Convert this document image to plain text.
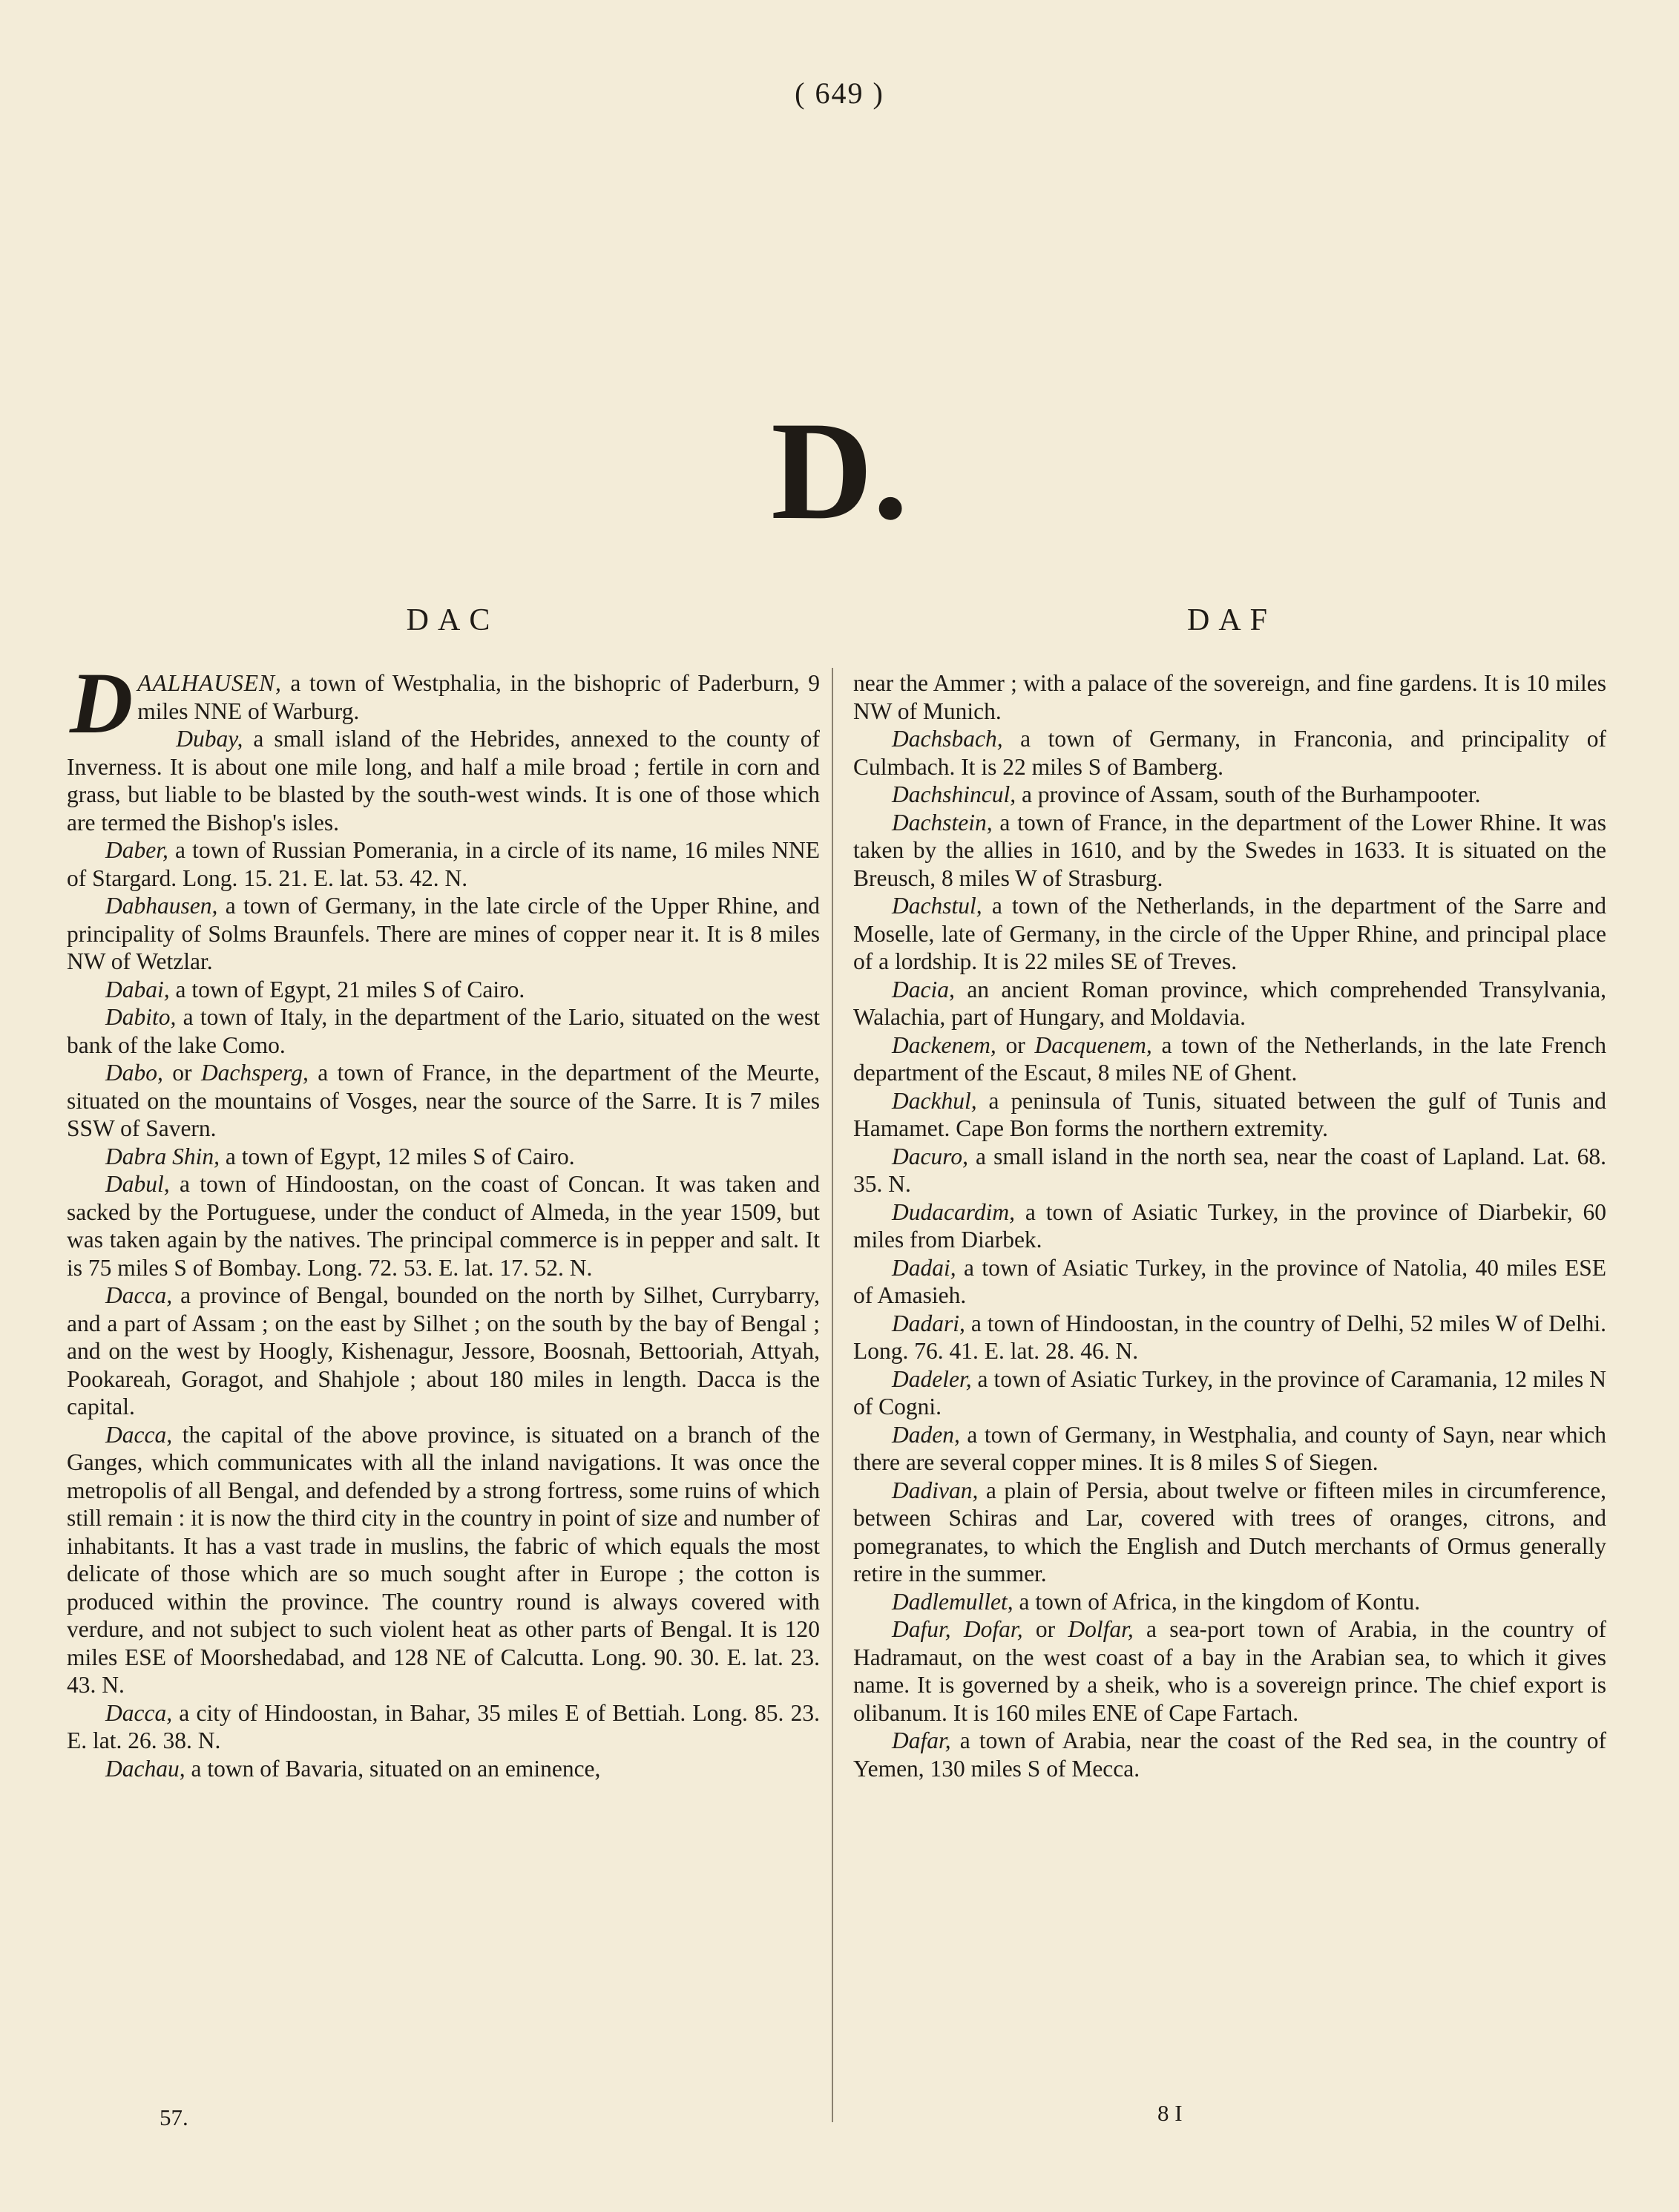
( 649 )
D.
DAC	DAF

DAALHAUSEN, a town of Westphalia, in the bishopric of Paderburn, 9 miles NNE of Warburg.

Dubay, a small island of the Hebrides, annexed to the county of Inverness. It is about one mile long, and half a mile broad ; fertile in corn and grass, but liable to be blasted by the south-west winds. It is one of those which are termed the Bishop's isles.

Daber, a town of Russian Pomerania, in a circle of its name, 16 miles NNE of Stargard. Long. 15. 21. E. lat. 53. 42. N.

Dabhausen, a town of Germany, in the late circle of the Upper Rhine, and principality of Solms Braunfels. There are mines of copper near it. It is 8 miles NW of Wetzlar.

Dabai, a town of Egypt, 21 miles S of Cairo.

Dabito, a town of Italy, in the department of the Lario, situated on the west bank of the lake Como.

Dabo, or Dachsperg, a town of France, in the department of the Meurte, situated on the mountains of Vosges, near the source of the Sarre. It is 7 miles SSW of Savern.

Dabra Shin, a town of Egypt, 12 miles S of Cairo.

Dabul, a town of Hindoostan, on the coast of Concan. It was taken and sacked by the Portuguese, under the conduct of Almeda, in the year 1509, but was taken again by the natives. The principal commerce is in pepper and salt. It is 75 miles S of Bombay. Long. 72. 53. E. lat. 17. 52. N.

Dacca, a province of Bengal, bounded on the north by Silhet, Currybarry, and a part of Assam ; on the east by Silhet ; on the south by the bay of Bengal ; and on the west by Hoogly, Kishenagur, Jessore, Boosnah, Bettooriah, Attyah, Pookareah, Goragot, and Shahjole ; about 180 miles in length. Dacca is the capital.

Dacca, the capital of the above province, is situated on a branch of the Ganges, which communicates with all the inland navigations. It was once the metropolis of all Bengal, and defended by a strong fortress, some ruins of which still remain : it is now the third city in the country in point of size and number of inhabitants. It has a vast trade in muslins, the fabric of which equals the most delicate of those which are so much sought after in Europe ; the cotton is produced within the province. The country round is always covered with verdure, and not subject to such violent heat as other parts of Bengal. It is 120 miles ESE of Moorshedabad, and 128 NE of Calcutta. Long. 90. 30. E. lat. 23. 43. N.

Dacca, a city of Hindoostan, in Bahar, 35 miles E of Bettiah. Long. 85. 23. E. lat. 26. 38. N.

Dachau, a town of Bavaria, situated on an eminence,

near the Ammer ; with a palace of the sovereign, and fine gardens. It is 10 miles NW of Munich.

Dachsbach, a town of Germany, in Franconia, and principality of Culmbach. It is 22 miles S of Bamberg.

Dachshincul, a province of Assam, south of the Burhampooter.

Dachstein, a town of France, in the department of the Lower Rhine. It was taken by the allies in 1610, and by the Swedes in 1633. It is situated on the Breusch, 8 miles W of Strasburg.

Dachstul, a town of the Netherlands, in the department of the Sarre and Moselle, late of Germany, in the circle of the Upper Rhine, and principal place of a lordship. It is 22 miles SE of Treves.

Dacia, an ancient Roman province, which comprehended Transylvania, Walachia, part of Hungary, and Moldavia.

Dackenem, or Dacquenem, a town of the Netherlands, in the late French department of the Escaut, 8 miles NE of Ghent.

Dackhul, a peninsula of Tunis, situated between the gulf of Tunis and Hamamet. Cape Bon forms the northern extremity.

Dacuro, a small island in the north sea, near the coast of Lapland. Lat. 68. 35. N.

Dudacardim, a town of Asiatic Turkey, in the province of Diarbekir, 60 miles from Diarbek.

Dadai, a town of Asiatic Turkey, in the province of Natolia, 40 miles ESE of Amasieh.

Dadari, a town of Hindoostan, in the country of Delhi, 52 miles W of Delhi. Long. 76. 41. E. lat. 28. 46. N.

Dadeler, a town of Asiatic Turkey, in the province of Caramania, 12 miles N of Cogni.

Daden, a town of Germany, in Westphalia, and county of Sayn, near which there are several copper mines. It is 8 miles S of Siegen.

Dadivan, a plain of Persia, about twelve or fifteen miles in circumference, between Schiras and Lar, covered with trees of oranges, citrons, and pomegranates, to which the English and Dutch merchants of Ormus generally retire in the summer.

Dadlemullet, a town of Africa, in the kingdom of Kontu.

Dafur, Dofar, or Dolfar, a sea-port town of Arabia, in the country of Hadramaut, on the west coast of a bay in the Arabian sea, to which it gives name. It is governed by a sheik, who is a sovereign prince. The chief export is olibanum. It is 160 miles ENE of Cape Fartach.

Dafar, a town of Arabia, near the coast of the Red sea, in the country of Yemen, 130 miles S of Mecca.

57.	8 I
